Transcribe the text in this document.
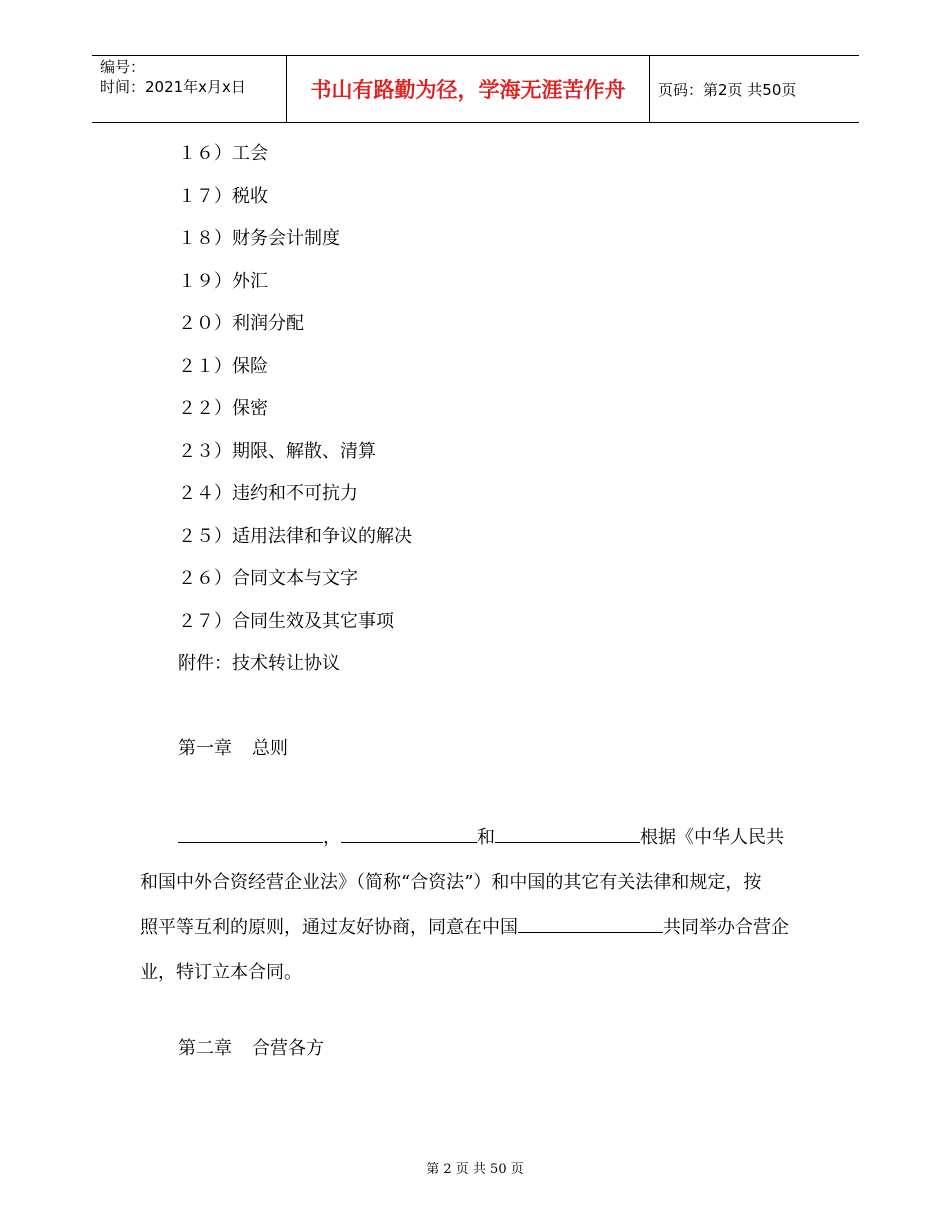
编号：
时间：2021年x月x日	书山有路勤为径，学海无涯苦作舟	页码：第2页 共50页
１６）工会
１７）税收
１８）财务会计制度
１９）外汇
２０）利润分配
２１）保险
２２）保密
２３）期限、解散、清算
２４）违约和不可抗力
２５）适用法律和争议的解决
２６）合同文本与文字
２７）合同生效及其它事项
附件：技术转让协议
第一章 总则
，	和	根据《中华人民共
和国中外合资经营企业法》（简称“合资法”）和中国的其它有关法律和规定，按
照平等互利的原则，通过友好协商，同意在中国	共同举办合营企
业，特订立本合同。
第二章 合营各方
第 2 页 共 50 页
